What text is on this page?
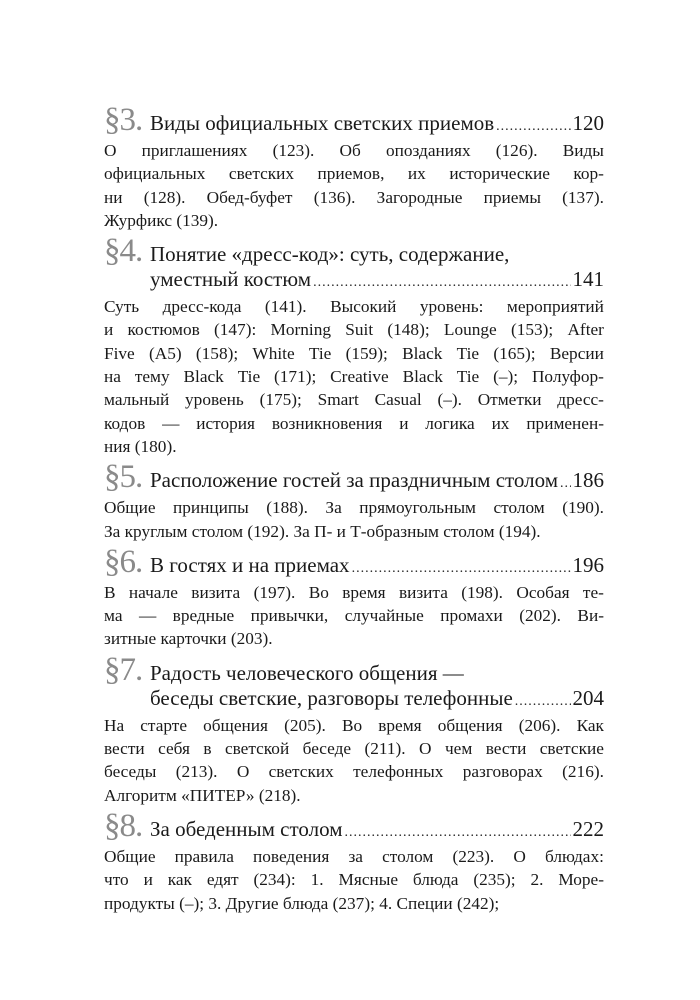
§3. Виды официальных светских приемов .....	120
О приглашениях (123). Об опозданиях (126). Виды
официальных светских приемов, их исторические кор-
ни (128). Обед-буфет (136). Загородные приемы (137).
Журфикс (139).
§4. Понятие «дресс-код»: суть, содержание,
уместный костюм .....	141
Суть дресс-кода (141). Высокий уровень: мероприятий
и костюмов (147): Morning Suit (148); Lounge (153); After
Five (A5) (158); White Tie (159); Black Tie (165); Версии
на тему Black Tie (171); Creative Black Tie (–); Полуфор-
мальный уровень (175); Smart Casual (–). Отметки дресс-
кодов — история возникновения и логика их применен-
ния (180).
§5. Расположение гостей за праздничным столом ..... 186
Общие принципы (188). За прямоугольным столом (190).
За круглым столом (192). За П- и Т-образным столом (194).
§6. В гостях и на приемах .....	196
В начале визита (197). Во время визита (198). Особая те-
ма — вредные привычки, случайные промахи (202). Ви-
зитные карточки (203).
§7. Радость человеческого общения —
беседы светские, разговоры телефонные .....	204
На старте общения (205). Во время общения (206). Как
вести себя в светской беседе (211). О чем вести светские
беседы (213). О светских телефонных разговорах (216).
Алгоритм «ПИТЕР» (218).
§8. За обеденным столом .....	222
Общие правила поведения за столом (223). О блюдах:
что и как едят (234): 1. Мясные блюда (235); 2. Море-
продукты (–); 3. Другие блюда (237); 4. Специи (242);
